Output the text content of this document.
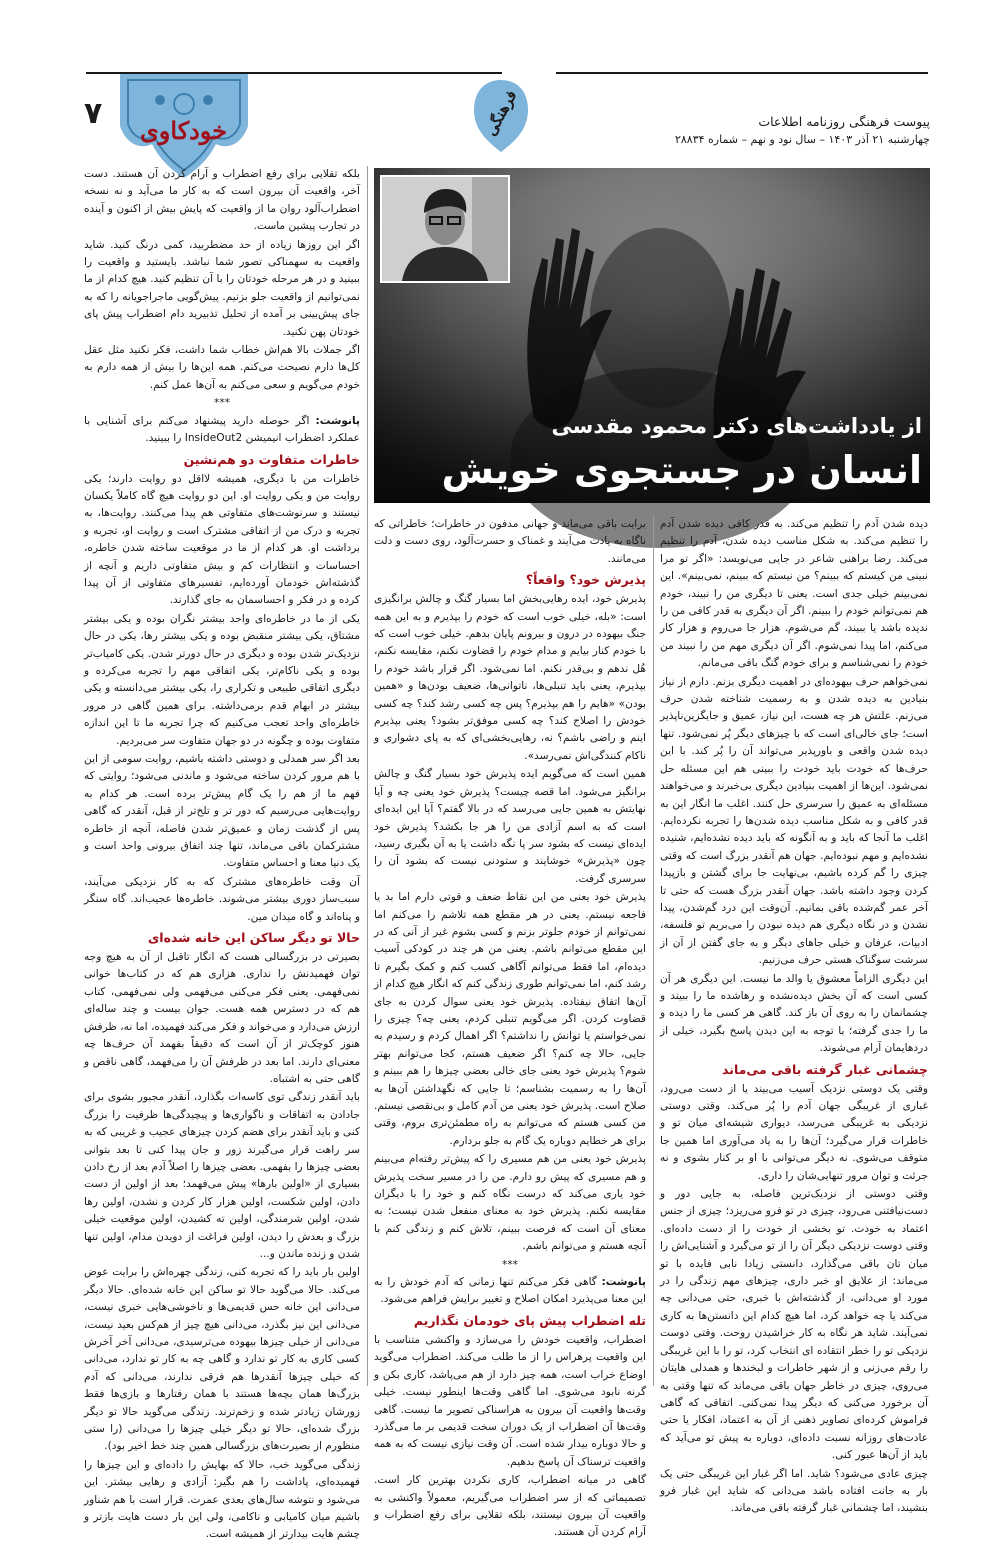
۷ خودکاوی	فرهنگی	پیوست فرهنگی روزنامه اطلاعات
چهارشنبه ۲۱ آذر ۱۴۰۳ – سال نود و نهم – شماره ۲۸۸۳۴
از یادداشت‌های دکتر محمود مقدسی
انسان در جستجوی خویش

دیده شدن آدم را تنظیم می‌کند. به قدر کافی دیده شدن آدم را تنظیم می‌کند. به شکل مناسب دیده شدن، آدم را تنظیم می‌کند. رضا براهنی شاعر در جایی می‌نویسد: «اگر تو مرا نبینی من کیستم که ببینم؟ من نیستم که ببینم، نمی‌بینم». این نمی‌بینم خیلی جدی است. یعنی تا دیگری من را نبیند، خودم هم نمی‌توانم خودم را ببینم. اگر آن دیگری به قدر کافی من را ندیده باشد یا ببیند، گم می‌شوم. هزار جا می‌روم و هزار کار می‌کنم، اما پیدا نمی‌شوم. اگر آن دیگری مهم من را نبیند من خودم را نمی‌شناسم و برای خودم گنگ باقی می‌مانم.

نمی‌خواهم حرف بیهوده‌ای در اهمیت دیگری بزنم. دارم از نیاز بنیادین به دیده شدن و به رسمیت شناخته شدن حرف می‌زنم. علتش هر چه هست، این نیاز، عمیق و جایگزین‌ناپذیر است؛ جای خالی‌ای است که با چیزهای دیگر پُر نمی‌شود. تنها دیده شدن واقعی و باورپذیر می‌تواند آن را پُر کند. با این حرف‌ها که خودت باید خودت را ببینی هم این مسئله حل نمی‌شود. این‌ها از اهمیت بنیادین دیگری بی‌خبرند و می‌خواهند مسئله‌ای به عمیق را سرسری حل کنند. اغلب ما انگار این به قدر کافی و به شکل مناسب دیده شدن‌ها را تجربه نکرده‌ایم. اغلب ما آنجا که باید و به آنگونه که باید دیده نشده‌ایم، شنیده نشده‌ایم و مهم نبوده‌ایم. جهان هم آنقدر بزرگ است که وقتی چیزی را گم کرده باشیم، بی‌نهایت جا برای گشتن و بازپیدا کردن وجود داشته باشد. جهان آنقدر بزرگ هست که حتی تا آخر عمر گم‌شده باقی بمانیم. آن‌وقت این درد گم‌شدن، پیدا نشدن و در نگاه دیگری هم دیده نبودن را می‌بریم تو فلسفه، ادبیات، عرفان و خیلی جاهای دیگر و به جای گفتن از آن از سرشت سوگناک هستی حرف می‌زنیم.

این دیگری الزاماً معشوق یا والد ما نیست. این دیگری هر آن کسی است که آن بخش دیده‌نشده و رهاشده ما را ببیند و چشمانمان را به روی آن باز کند. گاهی هر کسی ما را دیده و ما را جدی گرفته؛ با توجه به این دیدن پاسخ بگیرد، خیلی از دردهایمان آرام می‌شوند.

چشمانی غبار گرفته باقی می‌ماند

وقتی یک دوستی نزدیک آسیب می‌بیند یا از دست می‌رود، غباری از غریبگی جهان آدم را پُر می‌کند. وقتی دوستی نزدیکی به غریبگی می‌رسد، دیواری شیشه‌ای میان تو و خاطرات قرار می‌گیرد؛ آن‌ها را به یاد می‌آوری اما همین جا متوقف می‌شوی. نه دیگر می‌توانی با او بر کنار بشوی و نه جرئت و توان مرور تنهایی‌شان را داری.

وقتی دوستی از نزدیک‌ترین فاصله، به جایی دور و دست‌نیافتنی می‌رود، چیزی در تو فرو می‌ریزد؛ چیزی از جنس اعتماد به خودت. تو بخشی از خودت را از دست داده‌ای. وقتی دوست نزدیکی دیگر آن را از تو می‌گیرد و آشنایی‌اش را میان تان باقی می‌گذارد، دانستی زیادا نابی فایده با تو می‌ماند: از علایق او خبر داری، چیزهای مهم زندگی را در مورد او می‌دانی، از گذشته‌اش با خبری، حتی می‌دانی چه می‌کند یا چه خواهد کرد، اما هیچ کدام این دانستن‌ها به کاری نمی‌آیند. شاید هر نگاه به کار خراشیدن روحت. وقتی دوست نزدیکی تو را خطر انتقاده ای انتخاب کرد، تو را با این غریبگی را رقم می‌زنی و از شهر خاطرات و لبخندها و همدلی هایتان می‌روی، چیزی در خاطر جهان باقی می‌ماند که تنها وقتی به آن برخورد می‌کنی که دیگر پیدا نمی‌کنی. اتفاقی که گاهی فراموش کرده‌ای تصاویر ذهنی از آن به اعتماد، افکار یا حتی عادت‌های روزانه نسبت داده‌ای، دوباره به پیش تو می‌آید که باید از آن‌ها عبور کنی.

چیزی عادی می‌شود؟ شاید. اما اگر غبار این غریبگی حتی یک بار به جانت افتاده باشد می‌دانی که شاید این غبار فرو بنشیند، اما چشمانی غبار گرفته باقی می‌ماند.

برایت باقی می‌ماند و جهانی مدفون در خاطرات؛ خاطراتی که ناگاه به یادت می‌آیند و غمناک و حسرت‌آلود، روی دست و دلت می‌مانند.

پذیرش خود؟ واقعاً؟

پذیرش خود، ایده رهایی‌بخش اما بسیار گنگ و چالش برانگیزی است: «بله، خیلی خوب است که خودم را بپذیرم و به این همه جنگ بیهوده در درون و بیرونم پایان بدهم. خیلی خوب است که با خودم کنار بیایم و مدام خودم را قضاوت نکنم، مقایسه نکنم، هُل ندهم و بی‌قدر نکنم. اما نمی‌شود. اگر قرار باشد خودم را بپذیرم، یعنی باید تنبلی‌ها، ناتوانی‌ها، ضعیف بودن‌ها و «همین بودن» «هایم را هم بپذیرم؟ پس چه کسی رشد کند؟ چه کسی خودش را اصلاح کند؟ چه کسی موفق‌تر بشود؟ یعنی بپذیرم اینم و راضی باشم؟ نه، رهایی‌بخشی‌ای که به پای دشواری و ناکام کنندگی‌اش نمی‌رسد».

همین است که می‌گویم ایده پذیرش خود بسیار گنگ و چالش برانگیز می‌شود. اما قصه چیست؟ پذیرش خود یعنی چه و آیا نهایتش به همین جایی می‌رسد که در بالا گفتم؟ آیا این ایده‌ای است که به اسم آزادی من را هر جا بکشد؟ پذیرش خود ایده‌ای نیست که بشود سر پا نگه داشت یا به آن بگیری رسید، چون «پذیرش» خوشایند و ستودنی نیست که بشود آن را سرسری گرفت.

پذیرش خود یعنی من این نقاط ضعف و قوتی دارم اما بد یا فاجعه نیستم. یعنی در هر مقطع همه تلاشم را می‌کنم اما نمی‌توانم از خودم جلوتر بزنم و کسی بشوم غیر از آنی که در این مقطع می‌توانم باشم. یعنی من هر چند در کودکی آسیب دیده‌ام، اما فقط می‌توانم آگاهی کسب کنم و کمک بگیرم تا رشد کنم، اما نمی‌توانم طوری زندگی کنم که انگار هیچ کدام از آن‌ها اتفاق نیفتاده. پذیرش خود یعنی سوال کردن به جای قضاوت کردن. اگر می‌گویم تنبلی کردم، یعنی چه؟ چیزی را نمی‌خواستم یا توانش را نداشتم؟ اگر اهمال کردم و رسیدم به جایی، حالا چه کنم؟ اگر ضعیف هستم، کجا می‌توانم بهتر شوم؟ پذیرش خود یعنی جای خالی بعضی چیزها را هم ببینم و آن‌ها را به رسمیت بشناسم؛ تا جایی که نگهداشتن آن‌ها به صلاح است. پذیرش خود یعنی من آدم کامل و بی‌نقصی نیستم. من کسی هستم که می‌توانم به راه مطمئن‌تری بروم، وقتی برای هر خطایم دوباره یک گام به جلو بردارم.

پذیرش خود یعنی من هم مسیری را که پیش‌تر رفته‌ام می‌بینم و هم مسیری که پیش رو دارم. من را در مسیر سخت پذیرش خود یاری می‌کند که درست نگاه کنم و خود را با دیگران مقایسه نکنم. پذیرش خود به معنای منفعل شدن نیست؛ به معنای آن است که فرصت ببینم، تلاش کنم و زندگی کنم با آنچه هستم و می‌توانم باشم.

***

پانوشت: گاهی فکر می‌کنم تنها زمانی که آدم خودش را به این معنا می‌پذیرد امکان اصلاح و تغییر برایش فراهم می‌شود.

تله اضطراب پیش پای خودمان نگذاریم

اضطراب، واقعیت خودش را می‌سازد و واکنشی متناسب با این واقعیت پرهراس را از ما طلب می‌کند. اضطراب می‌گوید اوضاع خراب است، همه چیز دارد از هم می‌پاشد، کاری بکن و گرنه نابود می‌شوی. اما گاهی وقت‌ها اینطور نیست. خیلی وقت‌ها واقعیت آن بیرون به هراسناکی تصویر ما نیست. گاهی وقت‌ها آن اضطراب از یک دوران سخت قدیمی بر ما می‌گذرد و حالا دوباره بیدار شده است. آن وقت نیازی نیست که به همه واقعیت ترسناک آن پاسخ بدهیم.

گاهی در میانه اضطراب، کاری نکردن بهترین کار است. تصمیماتی که از سر اضطراب می‌گیریم، معمولاً واکنشی به واقعیت آن بیرون نیستند، بلکه تقلایی برای رفع اضطراب و آرام کردن آن هستند.

بلکه تقلایی برای رفع اضطراب و آرام کردن آن هستند. دست آخر، واقعیت آن بیرون است که به کار ما می‌آید و نه نسخه اضطراب‌آلود روان ما از واقعیت که پایش بیش از اکنون و آینده در تجارب پیشین ماست.

اگر این روزها زیاده از حد مضطربید، کمی درنگ کنید. شاید واقعیت به سهمناکی تصور شما نباشد. بایستید و واقعیت را ببینید و در هر مرحله خودتان را با آن تنظیم کنید. هیچ کدام از ما نمی‌توانیم از واقعیت جلو بزنیم. پیش‌گویی ماجراجویانه را که به جای پیش‌بینی بر آمده از تحلیل تذبیرید دام اضطراب پیش پای خودتان پهن نکنید.

اگر جملات بالا هم‌اش خطاب شما داشت، فکر نکنید مثل عقل کل‌ها دارم نصیحت می‌کنم. همه این‌ها را بیش از همه دارم به خودم می‌گویم و سعی می‌کنم به آن‌ها عمل کنم.

***

پانوشت: اگر حوصله دارید پیشنهاد می‌کنم برای آشنایی با عملکرد اضطراب انیمیشن InsideOut2 را ببینید.

خاطرات متفاوت دو هم‌نشین

خاطرات من با دیگری، همیشه لااقل دو روایت دارند؛ یکی روایت من و یکی روایت او. این دو روایت هیچ گاه کاملاً یکسان نیستند و سرنوشت‌های متفاوتی هم پیدا می‌کنند. روایت‌ها، به تجربه و درک من از اتفاقی مشترک است و روایت او، تجربه و برداشت او. هر کدام از ما در موقعیت ساخته شدن خاطره، احساسات و انتظارات کم و بیش متفاوتی داریم و آنچه از گذشته‌اش خودمان آورده‌ایم، تفسیرهای متفاوتی از آن پیدا کرده و در فکر و احساسمان به جای گذارند.

یکی از ما در خاطره‌ای واحد بیشتر نگران بوده و یکی بیشتر مشتاق، یکی بیشتر منقبض بوده و یکی بیشتر رها، یکی در حال نزدیک‌تر شدن بوده و دیگری در حال دورتر شدن. یکی کامیاب‌تر بوده و یکی ناکام‌تر، یکی اتفاقی مهم را تجربه می‌کرده و دیگری اتفاقی طبیعی و تکراری را، یکی بیشتر می‌دانسته و یکی بیشتر در ابهام قدم برمی‌داشته. برای همین گاهی در مرور خاطره‌ای واحد تعجب می‌کنیم که چرا تجربه ما تا این اندازه متفاوت بوده و چگونه در دو جهان متفاوت سر می‌بردیم.

بعد اگر سر همدلی و دوستی داشته باشیم، روایت سومی از این با هم مرور کردن ساخته می‌شود و ماندنی می‌شود؛ روایتی که فهم ما از هم را یک گام پیش‌تر برده است. هر کدام به روایت‌هایی می‌رسیم که دور تر و تلخ‌تر از قبل، آنقدر که گاهی پس از گذشت زمان و عمیق‌تر شدن فاصله، آنچه از خاطره مشترکمان باقی می‌ماند، تنها چند اتفاق بیرونی واحد است و یک دنیا معنا و احساس متفاوت.

آن وقت خاطره‌های مشترک که به کار نزدیکی می‌آیند، سبب‌ساز دوری بیشتر می‌شوند. خاطره‌ها عجیب‌اند. گاه سنگر و پناه‌اند و گاه میدان مین.

حالا تو دیگر ساکن این خانه شده‌ای

بصیرتی در بزرگسالی هست که انگار تاقبل از آن به هیچ وجه توان فهمیدنش را نداری. هزاری هم که در کتاب‌ها خوانی نمی‌فهمی. یعنی فکر می‌کنی می‌فهمی ولی نمی‌فهمی، کتاب هم که در دسترس همه هست. جوان بیست و چند ساله‌ای ارزش می‌دارد و می‌خواند و فکر می‌کند فهمیده، اما نه، ظرفش هنوز کوچک‌تر از آن است که دقیقاً بفهمد آن حرف‌ها چه معنی‌ای دارند. اما بعد در ظرفش آن را می‌فهمد، گاهی ناقص و گاهی حتی به اشتباه.

باید آنقدر زندگی توی کاسه‌ات بگذارد، آنقدر مجبور بشوی برای جادادن به اتفاقات و ناگواری‌ها و پیچیدگی‌ها ظرفیت را بزرگ کنی و باید آنقدر برای هضم کردن چیزهای عجیب و غریبی که به سر راهت قرار می‌گیرند زور و جان پیدا کنی تا بعد بتوانی بعضی چیزها را بفهمی. بعضی چیزها را اصلاً آدم بعد از رخ دادن بسیاری از «اولین بارها» پیش می‌فهمد؛ بعد از اولین از دست دادن، اولین شکست، اولین هزار کار کردن و نشدن، اولین رها شدن، اولین شرمندگی، اولین ته کشیدن، اولین موقعیت خیلی بزرگ و بعدش را دیدن، اولین فراغت از دویدن مدام، اولین تنها شدن و زنده ماندن و...

اولین بار باید را که تجربه کنی، زندگی چهره‌اش را برایت عوض می‌کند. حالا می‌گوید حالا تو ساکن این خانه شده‌ای. حالا دیگر می‌دانی این خانه حس قدیمی‌ها و ناخوشی‌هایی خبری نیست، می‌دانی این نیز بگذرد، می‌دانی هیچ چیز از هم‌کس بعید نیست، می‌دانی از خیلی چیزها بیهوده می‌ترسیدی، می‌دانی آخر آخرش کسی کاری به کار تو ندارد و گاهی چه به کار تو ندارد، می‌دانی که خیلی چیزها آنقدرها هم فرقی ندارند، می‌دانی که آدم بزرگ‌ها همان بچه‌ها هستند با همان رفتارها و بازی‌ها فقط زورشان زیادتر شده و زخم‌ترند. زندگی می‌گوید حالا تو دیگر بزرگ شده‌ای، حالا تو دیگر خیلی چیزها را می‌دانی (را ستی منظورم از بصیرت‌های بزرگسالی همین چند خط اخیر بود).

زندگی می‌گوید خب، حالا که بهایش را داده‌ای و این چیزها را فهمیده‌ای، پاداشت را هم بگیر: آزادی و رهایی بیشتر. این می‌شود و نتوشه سال‌های بعدی عمرت. قرار است با هم شناور باشیم میان کامیابی و ناکامی، ولی این بار دست هایت بازتر و چشم هایت بیدارتر از همیشه است.
